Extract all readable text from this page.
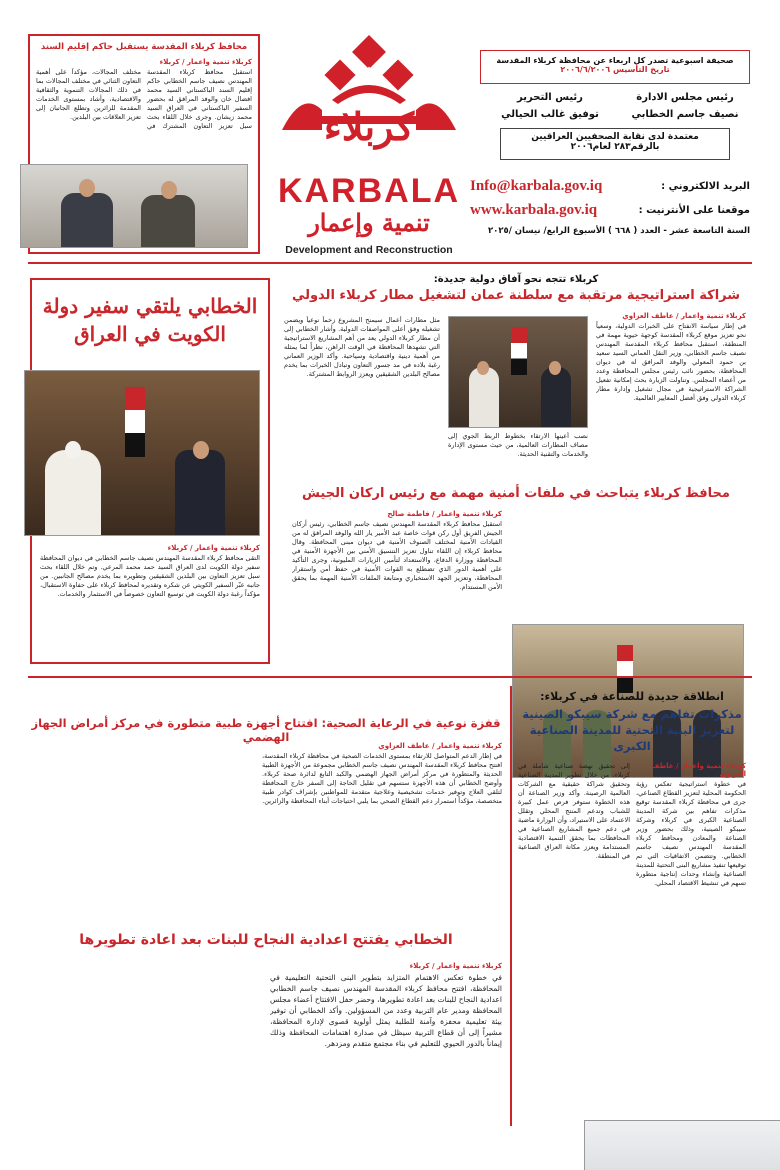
محافظ كربلاء المقدسة يستقبل حاكم إقليم السند
كربلاء تنمية واعمار / كربلاء
استقبل محافظ كربلاء المقدسة المهندس نصيف جاسم الخطابي حاكم إقليم السند الباكستاني السيد محمد افضال خان والوفد المرافق له بحضور السفير الباكستاني في العراق السيد محمد زيشان. وجرى خلال اللقاء بحث سبل تعزيز التعاون المشترك في مختلف المجالات، مؤكداً على أهمية التعاون الثنائي في مختلف المجالات بما في ذلك المجالات التنموية والثقافية والاقتصادية، وأشاد بمستوى الخدمات المقدمة للزائرين وتطلع الجانبان إلى تعزيز العلاقات بين البلدين.	كربلاء
KARBALA
تنمية وإعمار
Development and Reconstruction
صحيفة اسبوعية تصدر كل اربعاء عن محافظة كربلاء المقدسة
تاريخ التأسيس ٢٠٠٦/٦/٢٠٠٦
رئيس مجلس الادارة
نصيف جاسم الخطابي
رئيس التحرير
توفيق غالب الحيالي
معتمدة لدى نقابة الصحفيين العراقيين
بالرقم٢٨٣ لعام٢٠٠٦
البريد الالكتروني :
Info@karbala.gov.iq
موقعنا على الأنترنيت :
www.karbala.gov.iq
السنة التاسعة عشر - العدد ( ٦٦٨ ) الأسبوع الرابع/ نيسان /٢٠٢٥
كربلاء تتجه نحو آفاق دولية جديدة:
شراكة استراتيجية مرتقبة مع سلطنة عمان لتشغيل مطار كربلاء الدولي
كربلاء تنمية واعمار / عاطف العزاوي
في إطار سياسة الانفتاح على الخبرات الدولية، وسعياً نحو تعزيز موقع كربلاء المقدسة كوجهة حيوية مهمة في المنطقة، استقبل محافظ كربلاء المقدسة المهندس نصيف جاسم الخطابي، وزير النقل العماني السيد سعيد بن حمود المعولي والوفد المرافق له في ديوان المحافظة، بحضور نائب رئيس مجلس المحافظة وعدد من أعضاء المجلس. وتناولت الزيارة بحث إمكانية تفعيل الشراكة الاستراتيجية في مجال تشغيل وإدارة مطار كربلاء الدولي وفق أفضل المعايير العالمية.
نصب أعينها الارتقاء بخطوط الربط الجوي إلى مصاف المطارات العالمية، من حيث مستوى الإدارة والخدمات والتقنية الحديثة.
مثل مطارات أعمال سيمنح المشروع زخماً نوعياً ويضمن تشغيله وفق أعلى المواصفات الدولية. وأشار الخطابي إلى أن مطار كربلاء الدولي يعد من أهم المشاريع الاستراتيجية التي تشهدها المحافظة في الوقت الراهن، نظراً لما يمثله من أهمية دينية واقتصادية وسياحية. وأكد الوزير العماني رغبة بلاده في مد جسور التعاون وتبادل الخبرات بما يخدم مصالح البلدين الشقيقين ويعزز الروابط المشتركة.
الخطابي يلتقي سفير دولة الكويت في العراق
كربلاء تنمية واعمار / كربلاء
التقى محافظ كربلاء المقدسة المهندس نصيف جاسم الخطابي في ديوان المحافظة سفير دولة الكويت لدى العراق السيد حمد محمد المرعي. وتم خلال اللقاء بحث سبل تعزيز التعاون بين البلدين الشقيقين وتطويره بما يخدم مصالح الجانبين. من جانبه عبّر السفير الكويتي عن شكره وتقديره لمحافظ كربلاء على حفاوة الاستقبال، مؤكداً رغبة دولة الكويت في توسيع التعاون خصوصاً في الاستثمار والخدمات.
محافظ كربلاء يتباحث في ملفات أمنية مهمة مع رئيس اركان الجيش
كربلاء تنمية واعمار / فاطمة صالح
استقبل محافظ كربلاء المقدسة المهندس نصيف جاسم الخطابي، رئيس أركان الجيش الفريق أول ركن قوات خاصة عبد الأمير يار الله والوفد المرافق له من القيادات الأمنية لمختلف الصنوف الأمنية في ديوان مبنى المحافظة. وقال محافظ كربلاء إن اللقاء تناول تعزيز التنسيق الأمني بين الأجهزة الأمنية في المحافظة ووزارة الدفاع، والاستعداد لتأمين الزيارات المليونية، وجرى التأكيد على أهمية الدور الذي تضطلع به القوات الأمنية في حفظ أمن واستقرار المحافظة، وتعزيز الجهد الاستخباري ومتابعة الملفات الأمنية المهمة بما يحقق الأمن المستدام.
انطلاقة جديدة للصناعة في كربلاء:
مذكرات تفاهم مع شركة سيبكو الصينية لتعزيز البنية التحتية للمدينة الصناعية الكبرى
كربلاء تنمية واعمار / عاطف العزاوي
في خطوة استراتيجية تعكس رؤية الحكومة المحلية لتعزيز القطاع الصناعي، جرى في محافظة كربلاء المقدسة توقيع مذكرات تفاهم بين شركة المدينة الصناعية الكبرى في كربلاء وشركة سيبكو الصينية، وذلك بحضور وزير الصناعة والمعادن ومحافظ كربلاء المقدسة المهندس نصيف جاسم الخطابي. وتتضمن الاتفاقيات التي تم توقيعها تنفيذ مشاريع البنى التحتية للمدينة الصناعية وإنشاء وحدات إنتاجية متطورة تسهم في تنشيط الاقتصاد المحلي.
إلى تحقيق نهضة صناعية شاملة في كربلاء، من خلال تطوير المدينة الصناعية وتحقيق شراكة حقيقية مع الشركات العالمية الرصينة. وأكد وزير الصناعة أن هذه الخطوة ستوفر فرص عمل كبيرة للشباب وتدعم المنتج المحلي وتقلل الاعتماد على الاستيراد، وأن الوزارة ماضية في دعم جميع المشاريع الصناعية في المحافظات بما يحقق التنمية الاقتصادية المستدامة ويعزز مكانة العراق الصناعية في المنطقة.
قفزة نوعية في الرعاية الصحية: افتتاح أجهزة طبية متطورة في مركز أمراض الجهاز الهضمي
كربلاء تنمية واعمار / عاطف العزاوي
في إطار الدعم المتواصل للارتقاء بمستوى الخدمات الصحية في محافظة كربلاء المقدسة، افتتح محافظ كربلاء المقدسة المهندس نصيف جاسم الخطابي مجموعة من الأجهزة الطبية الحديثة والمتطورة في مركز أمراض الجهاز الهضمي والكبد التابع لدائرة صحة كربلاء. وأوضح الخطابي أن هذه الأجهزة ستسهم في تقليل الحاجة إلى السفر خارج المحافظة لتلقي العلاج وتوفير خدمات تشخيصية وعلاجية متقدمة للمواطنين بإشراف كوادر طبية متخصصة، مؤكداً استمرار دعم القطاع الصحي بما يلبي احتياجات أبناء المحافظة والزائرين.
الخطابي يفتتح اعدادية النجاح للبنات بعد اعادة تطويرها
كربلاء تنمية واعمار / كربلاء
في خطوة تعكس الاهتمام المتزايد بتطوير البنى التحتية التعليمية في المحافظة، افتتح محافظ كربلاء المقدسة المهندس نصيف جاسم الخطابي اعدادية النجاح للبنات بعد اعادة تطويرها، وحضر حفل الافتتاح أعضاء مجلس المحافظة ومدير عام التربية وعدد من المسؤولين. وأكد الخطابي أن توفير بيئة تعليمية محفزة وآمنة للطلبة يمثل أولوية قصوى لإدارة المحافظة، مشيراً إلى أن قطاع التربية سيظل في صدارة اهتمامات المحافظة وذلك إيماناً بالدور الحيوي للتعليم في بناء مجتمع متقدم ومزدهر.
